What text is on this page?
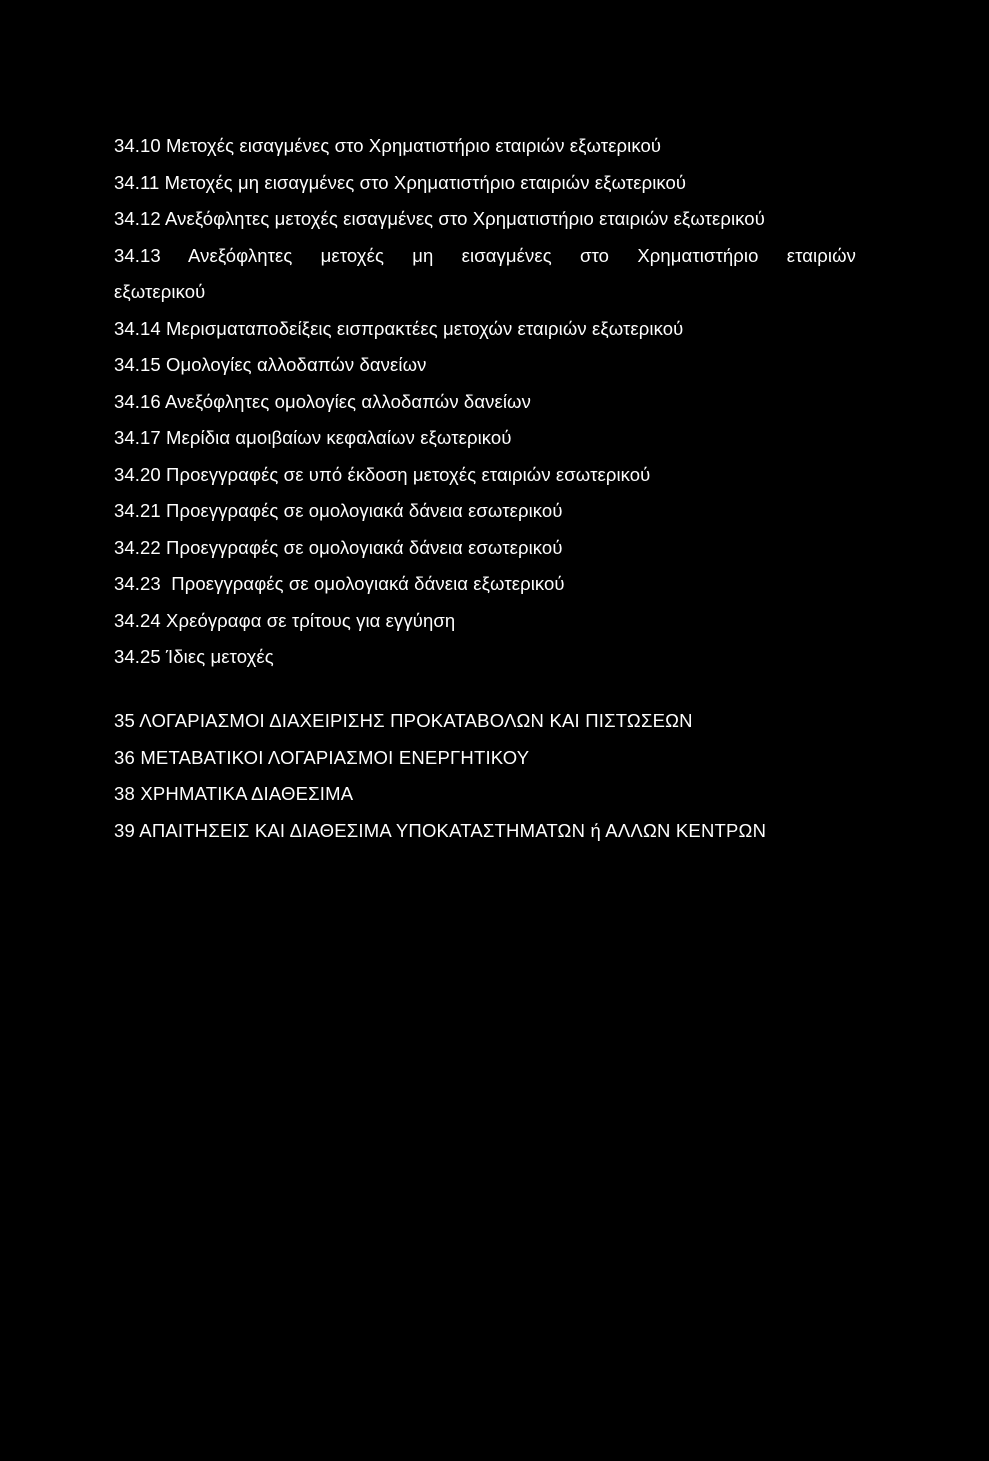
34.10 Μετοχές εισαγμένες στο Χρηματιστήριο εταιριών εξωτερικού
34.11 Μετοχές μη εισαγμένες στο Χρηματιστήριο εταιριών εξωτερικού
34.12 Ανεξόφλητες μετοχές εισαγμένες στο Χρηματιστήριο εταιριών εξωτερικού
34.13 Ανεξόφλητες μετοχές μη εισαγμένες στο Χρηματιστήριο εταιριών
εξωτερικού
34.14 Μερισματαποδείξεις εισπρακτέες μετοχών εταιριών εξωτερικού
34.15 Ομολογίες αλλοδαπών δανείων
34.16 Ανεξόφλητες ομολογίες αλλοδαπών δανείων
34.17 Μερίδια αμοιβαίων κεφαλαίων εξωτερικού
34.20 Προεγγραφές σε υπό έκδοση μετοχές εταιριών εσωτερικού
34.21 Προεγγραφές σε ομολογιακά δάνεια εσωτερικού
34.22 Προεγγραφές σε ομολογιακά δάνεια εσωτερικού
34.23  Προεγγραφές σε ομολογιακά δάνεια εξωτερικού
34.24 Χρεόγραφα σε τρίτους για εγγύηση
34.25 Ίδιες μετοχές
35 ΛΟΓΑΡΙΑΣΜΟΙ ΔΙΑΧΕΙΡΙΣΗΣ ΠΡΟΚΑΤΑΒΟΛΩΝ ΚΑΙ ΠΙΣΤΩΣΕΩΝ
36 ΜΕΤΑΒΑΤΙΚΟΙ ΛΟΓΑΡΙΑΣΜΟΙ ΕΝΕΡΓΗΤΙΚΟΥ
38 ΧΡΗΜΑΤΙΚΑ ΔΙΑΘΕΣΙΜΑ
39 ΑΠΑΙΤΗΣΕΙΣ ΚΑΙ ΔΙΑΘΕΣΙΜΑ ΥΠΟΚΑΤΑΣΤΗΜΑΤΩΝ ή ΑΛΛΩΝ ΚΕΝΤΡΩΝ
